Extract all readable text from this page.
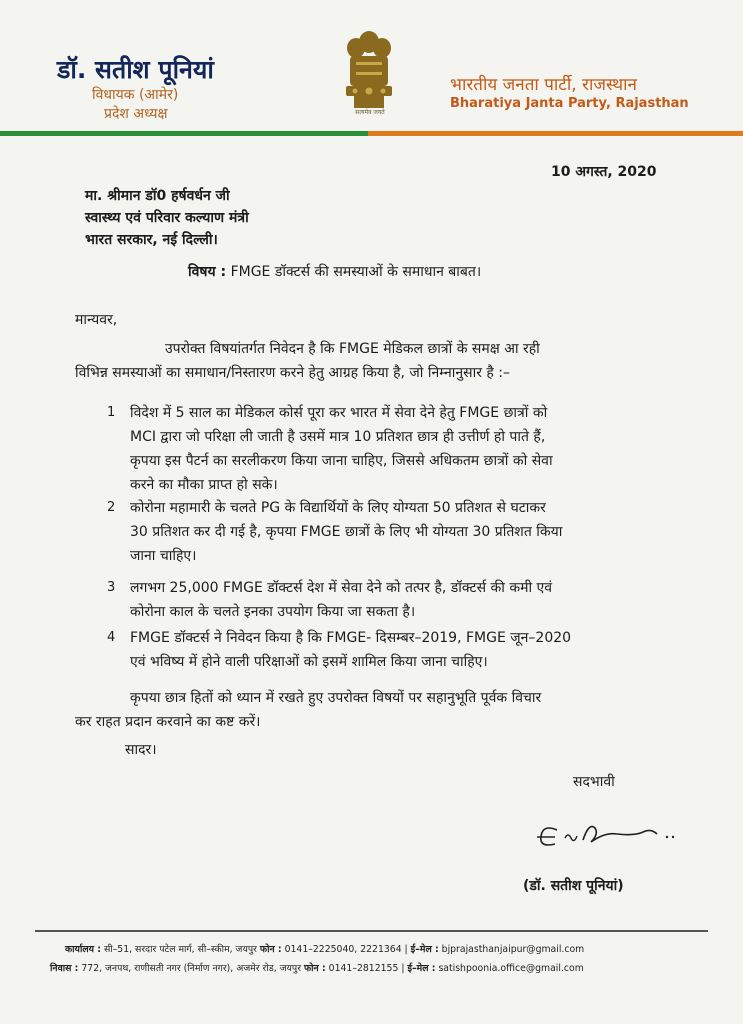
डॉ. सतीश पूनियां
विधायक (आमेर)
प्रदेश अध्यक्ष	सत्यमेव जयते
भारतीय जनता पार्टी, राजस्थान
Bharatiya Janta Party, Rajasthan
10 अगस्त, 2020
मा. श्रीमान डॉ0 हर्षवर्धन जी
स्वास्थ्य एवं परिवार कल्याण मंत्री
भारत सरकार, नई दिल्ली।
विषय : FMGE डॉक्टर्स की समस्याओं के समाधान बाबत।
मान्यवर,
उपरोक्त विषयांतर्गत निवेदन है कि FMGE मेडिकल छात्रों के समक्ष आ रही
विभिन्न समस्याओं का समाधान/निस्तारण करने हेतु आग्रह किया है, जो निम्नानुसार है :–
1 विदेश में 5 साल का मेडिकल कोर्स पूरा कर भारत में सेवा देने हेतु FMGE छात्रों को
MCI द्वारा जो परिक्षा ली जाती है उसमें मात्र 10 प्रतिशत छात्र ही उत्तीर्ण हो पाते हैं,
कृपया इस पैटर्न का सरलीकरण किया जाना चाहिए, जिससे अधिकतम छात्रों को सेवा
करने का मौका प्राप्त हो सके।
2 कोरोना महामारी के चलते PG के विद्यार्थियों के लिए योग्यता 50 प्रतिशत से घटाकर
30 प्रतिशत कर दी गई है, कृपया FMGE छात्रों के लिए भी योग्यता 30 प्रतिशत किया
जाना चाहिए।
3 लगभग 25,000 FMGE डॉक्टर्स देश में सेवा देने को तत्पर है, डॉक्टर्स की कमी एवं
कोरोना काल के चलते इनका उपयोग किया जा सकता है।
4 FMGE डॉक्टर्स ने निवेदन किया है कि FMGE- दिसम्बर–2019, FMGE जून–2020
एवं भविष्य में होने वाली परिक्षाओं को इसमें शामिल किया जाना चाहिए।
कृपया छात्र हितों को ध्यान में रखते हुए उपरोक्त विषयों पर सहानुभूति पूर्वक विचार
कर राहत प्रदान करवाने का कष्ट करें।
सादर।
सदभावी
(डॉ. सतीश पूनियां)
कार्यालय : सी–51, सरदार पटेल मार्ग, सी–स्कीम, जयपुर फोन : 0141–2225040, 2221364 | ई–मेल : bjprajasthanjaipur@gmail.com
निवास : 772, जनपथ, राणीसती नगर (निर्माण नगर), अजमेर रोड, जयपुर फोन : 0141–2812155 | ई–मेल : satishpoonia.office@gmail.com
